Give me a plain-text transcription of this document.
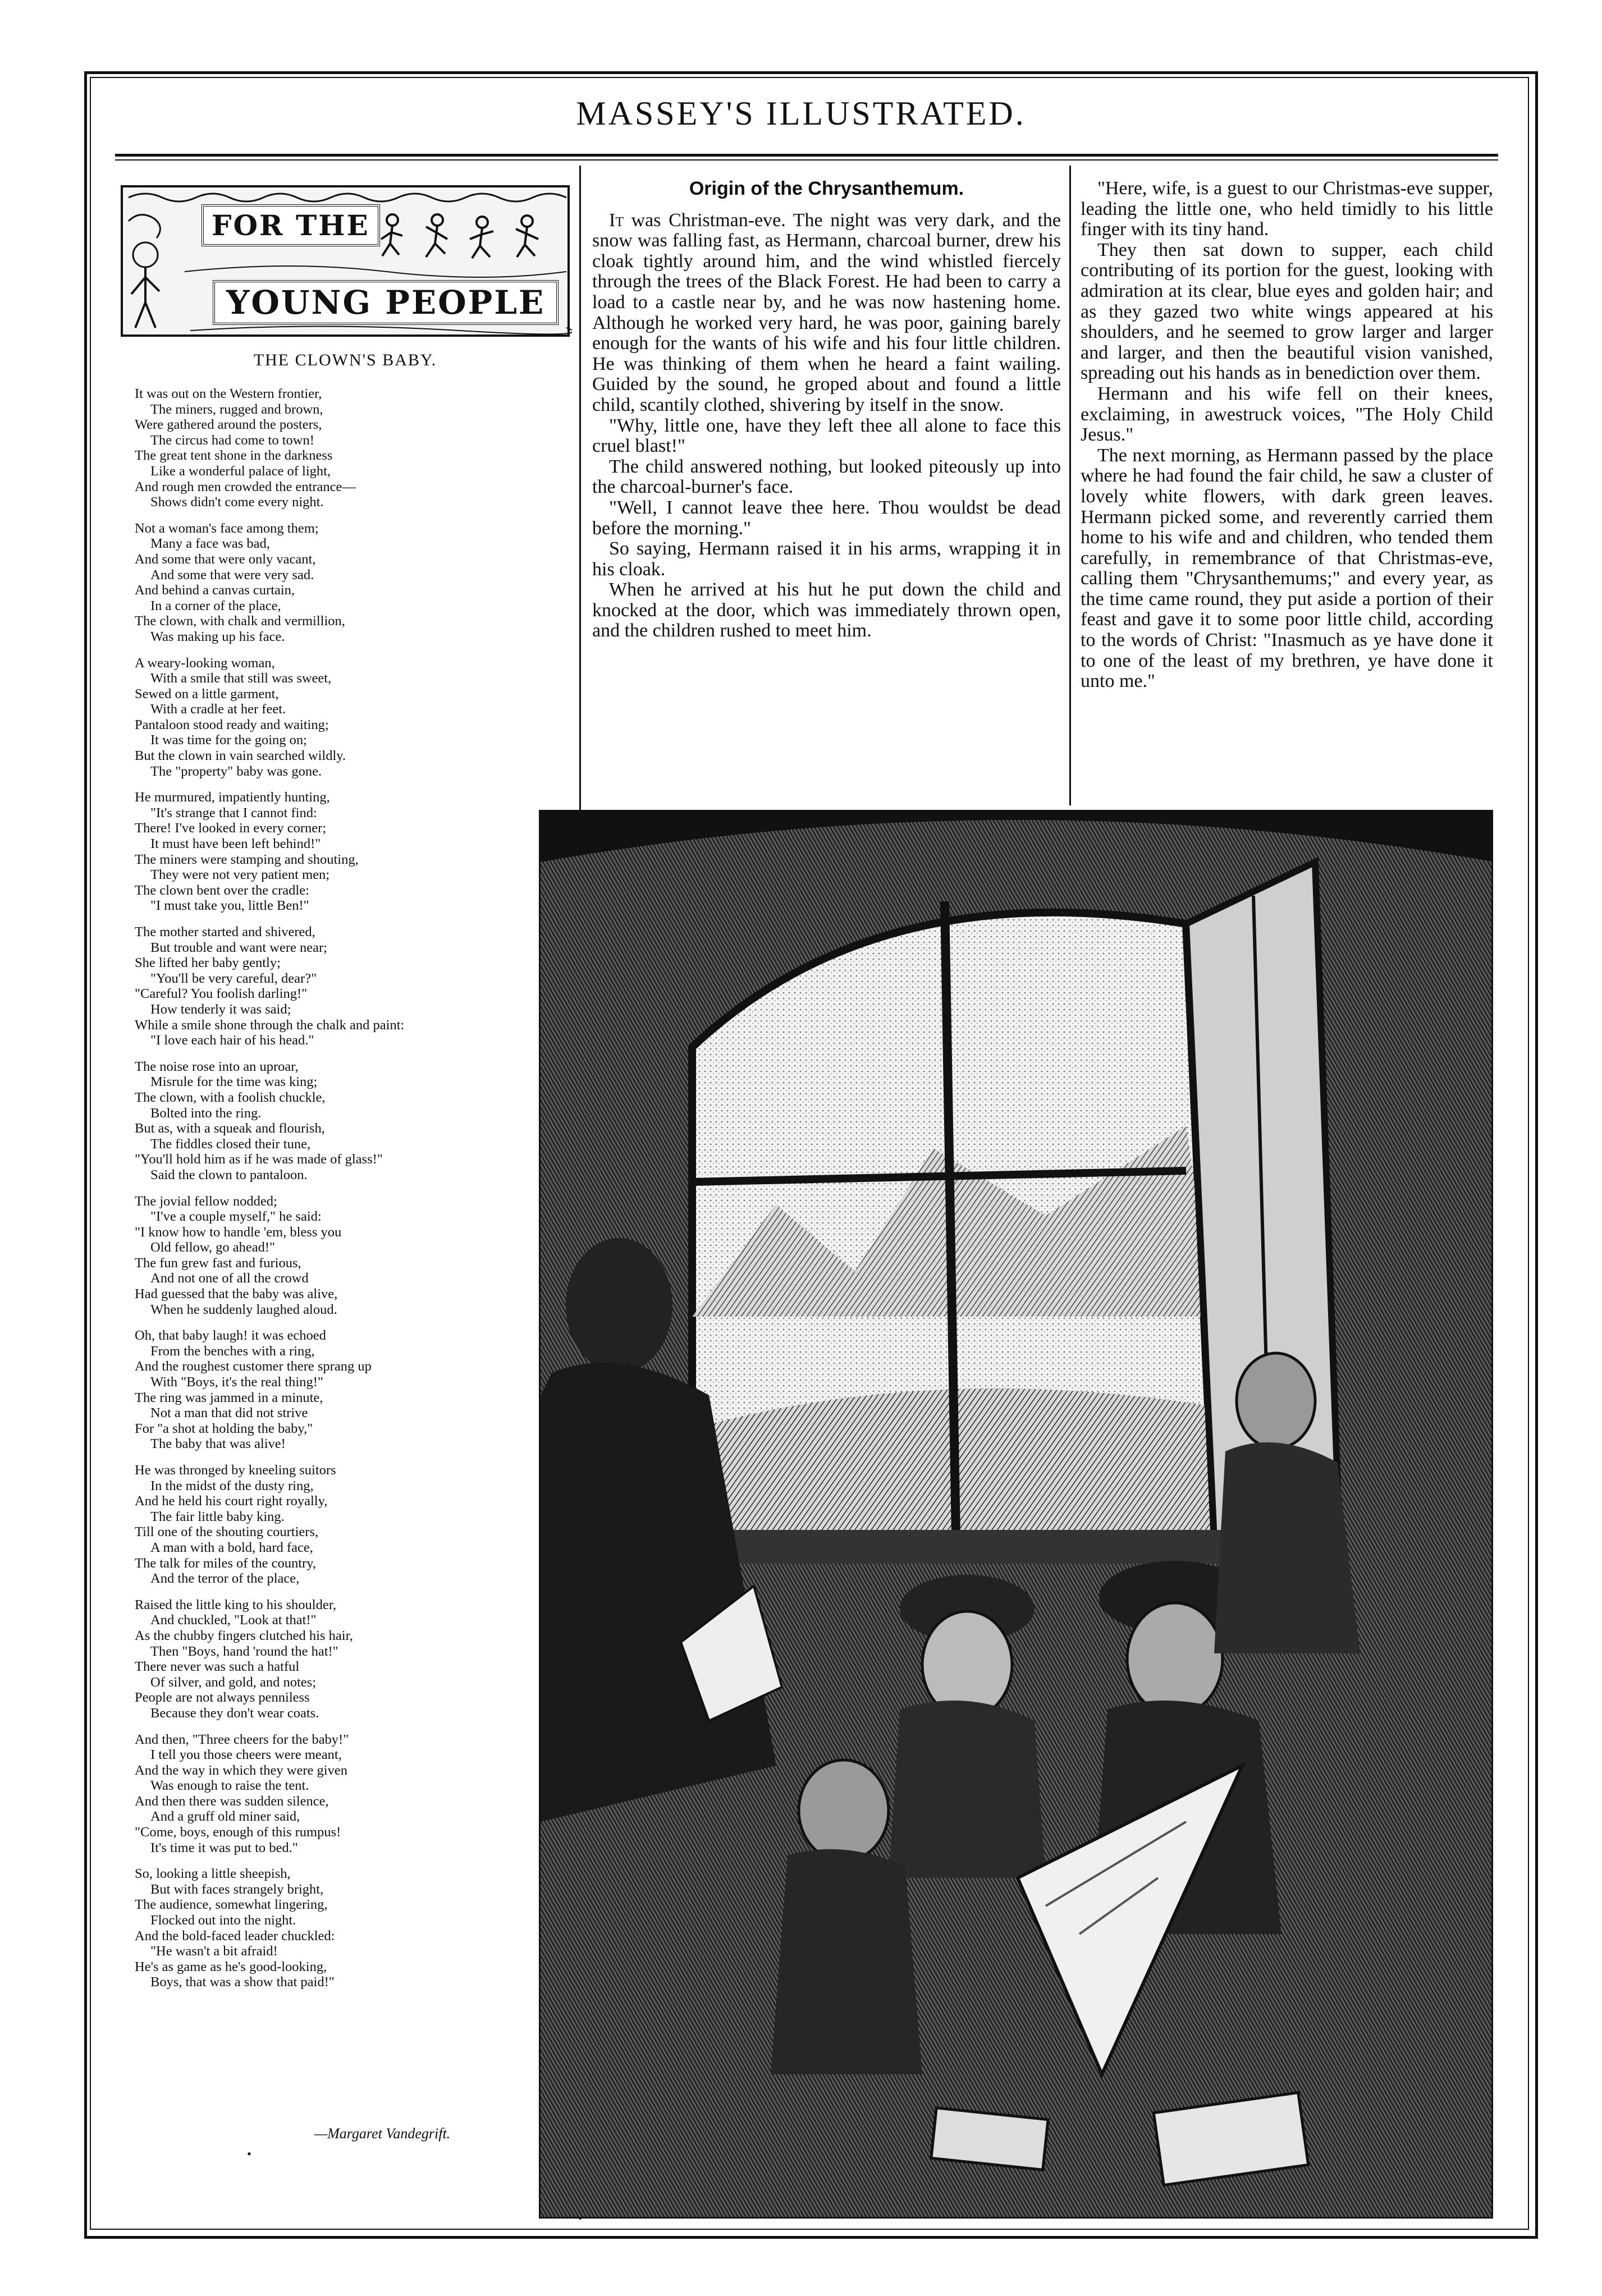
MASSEY'S ILLUSTRATED.
FOR THE
YOUNG PEOPLE
THE CLOWN'S BABY.
It was out on the Western frontier,
The miners, rugged and brown,
Were gathered around the posters,
The circus had come to town!
The great tent shone in the darkness
Like a wonderful palace of light,
And rough men crowded the entrance—
Shows didn't come every night.
Not a woman's face among them;
Many a face was bad,
And some that were only vacant,
And some that were very sad.
And behind a canvas curtain,
In a corner of the place,
The clown, with chalk and vermillion,
Was making up his face.
A weary-looking woman,
With a smile that still was sweet,
Sewed on a little garment,
With a cradle at her feet.
Pantaloon stood ready and waiting;
It was time for the going on;
But the clown in vain searched wildly.
The "property" baby was gone.
He murmured, impatiently hunting,
"It's strange that I cannot find:
There! I've looked in every corner;
It must have been left behind!"
The miners were stamping and shouting,
They were not very patient men;
The clown bent over the cradle:
"I must take you, little Ben!"
The mother started and shivered,
But trouble and want were near;
She lifted her baby gently;
"You'll be very careful, dear?"
"Careful? You foolish darling!"
How tenderly it was said;
While a smile shone through the chalk and paint:
"I love each hair of his head."
The noise rose into an uproar,
Misrule for the time was king;
The clown, with a foolish chuckle,
Bolted into the ring.
But as, with a squeak and flourish,
The fiddles closed their tune,
"You'll hold him as if he was made of glass!"
Said the clown to pantaloon.
The jovial fellow nodded;
"I've a couple myself," he said:
"I know how to handle 'em, bless you
Old fellow, go ahead!"
The fun grew fast and furious,
And not one of all the crowd
Had guessed that the baby was alive,
When he suddenly laughed aloud.
Oh, that baby laugh! it was echoed
From the benches with a ring,
And the roughest customer there sprang up
With "Boys, it's the real thing!"
The ring was jammed in a minute,
Not a man that did not strive
For "a shot at holding the baby,"
The baby that was alive!
He was thronged by kneeling suitors
In the midst of the dusty ring,
And he held his court right royally,
The fair little baby king.
Till one of the shouting courtiers,
A man with a bold, hard face,
The talk for miles of the country,
And the terror of the place,
Raised the little king to his shoulder,
And chuckled, "Look at that!"
As the chubby fingers clutched his hair,
Then "Boys, hand 'round the hat!"
There never was such a hatful
Of silver, and gold, and notes;
People are not always penniless
Because they don't wear coats.
And then, "Three cheers for the baby!"
I tell you those cheers were meant,
And the way in which they were given
Was enough to raise the tent.
And then there was sudden silence,
And a gruff old miner said,
"Come, boys, enough of this rumpus!
It's time it was put to bed."
So, looking a little sheepish,
But with faces strangely bright,
The audience, somewhat lingering,
Flocked out into the night.
And the bold-faced leader chuckled:
"He wasn't a bit afraid!
He's as game as he's good-looking,
Boys, that was a show that paid!"
—Margaret Vandegrift.
Origin of the Chrysanthemum.

It was Christman-eve. The night was very dark, and the snow was falling fast, as Hermann, charcoal burner, drew his cloak tightly around him, and the wind whistled fiercely through the trees of the Black Forest. He had been to carry a load to a castle near by, and he was now hastening home. Although he worked very hard, he was poor, gaining barely enough for the wants of his wife and his four little children. He was thinking of them when he heard a faint wailing. Guided by the sound, he groped about and found a little child, scantily clothed, shivering by itself in the snow.

"Why, little one, have they left thee all alone to face this cruel blast!"

The child answered nothing, but looked piteously up into the charcoal-burner's face.

"Well, I cannot leave thee here. Thou wouldst be dead before the morning."

So saying, Hermann raised it in his arms, wrapping it in his cloak.

When he arrived at his hut he put down the child and knocked at the door, which was immediately thrown open, and the children rushed to meet him.

"Here, wife, is a guest to our Christmas-eve supper, leading the little one, who held timidly to his little finger with its tiny hand.

They then sat down to supper, each child contributing of its portion for the guest, looking with admiration at its clear, blue eyes and golden hair; and as they gazed two white wings appeared at his shoulders, and he seemed to grow larger and larger and larger, and then the beautiful vision vanished, spreading out his hands as in benediction over them.

Hermann and his wife fell on their knees, exclaiming, in awestruck voices, "The Holy Child Jesus."

The next morning, as Hermann passed by the place where he had found the fair child, he saw a cluster of lovely white flowers, with dark green leaves. Hermann picked some, and reverently carried them home to his wife and and children, who tended them carefully, in remembrance of that Christmas-eve, calling them "Chrysanthemums;" and every year, as the time came round, they put aside a portion of their feast and gave it to some poor little child, according to the words of Christ: "Inasmuch as ye have done it to one of the least of my brethren, ye have done it unto me."

•
